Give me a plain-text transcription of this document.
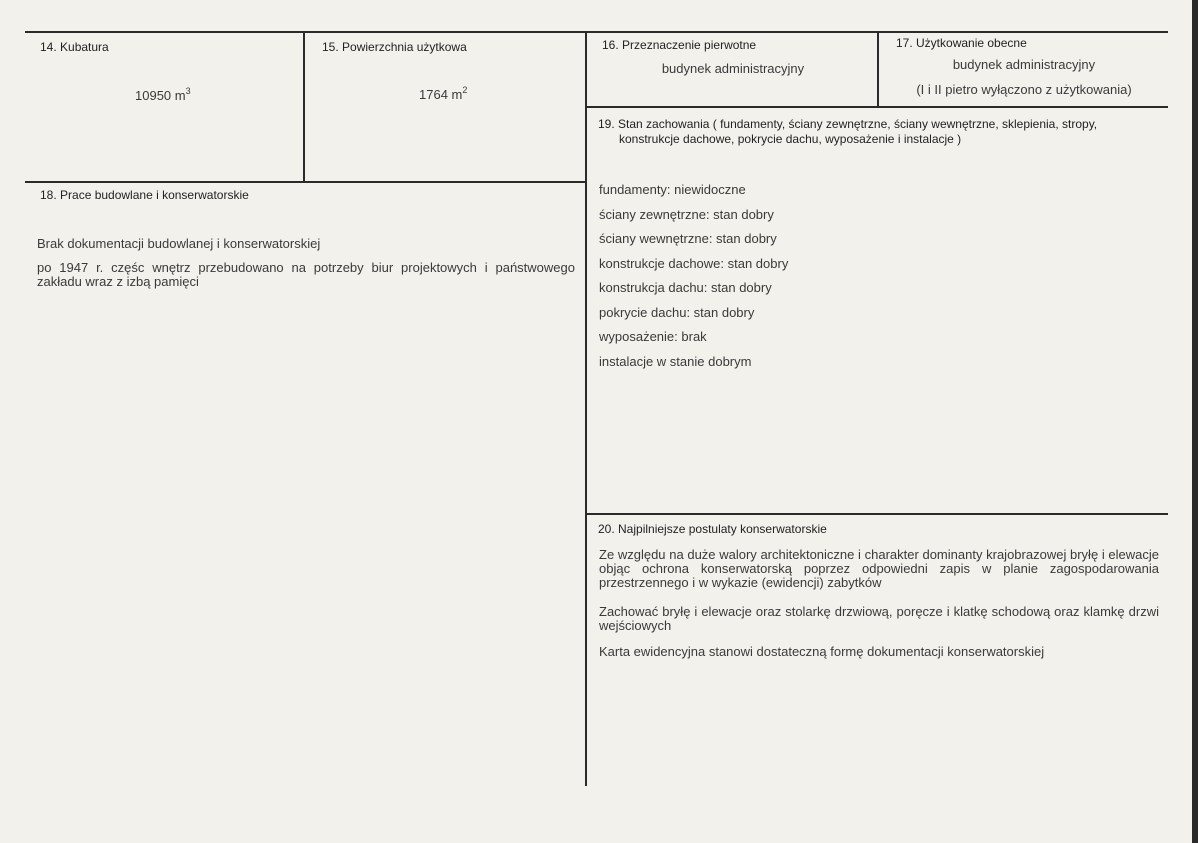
14. Kubatura
10950 $m^3$
15. Powierzchnia użytkowa
1764 $m^2$
16. Przeznaczenie pierwotne
budynek administracyjny
17. Użytkowanie obecne
budynek administracyjny
(I i II pietro wyłączono z użytkowania)
19. Stan zachowania ( fundamenty, ściany zewnętrzne, ściany wewnętrzne, sklepienia, stropy,
konstrukcje dachowe, pokrycie dachu, wyposażenie i instalacje )
fundamenty: niewidoczne
ściany zewnętrzne: stan dobry
ściany wewnętrzne: stan dobry
konstrukcje dachowe: stan dobry
konstrukcja dachu: stan dobry
pokrycie dachu: stan dobry
wyposażenie: brak
instalacje w stanie dobrym
18. Prace budowlane i konserwatorskie
Brak dokumentacji budowlanej i konserwatorskiej
po 1947 r. częśc wnętrz przebudowano na potrzeby biur projektowych i państwowego zakładu wraz z izbą pamięci
20. Najpilniejsze postulaty konserwatorskie
Ze względu na duże walory architektoniczne i charakter dominanty krajobrazowej bryłę i elewacje objąc ochrona konserwatorską poprzez odpowiedni zapis w planie zagospodarowania przestrzennego i w wykazie (ewidencji) zabytków
Zachować bryłę i elewacje oraz stolarkę drzwiową, poręcze i klatkę schodową oraz klamkę drzwi wejściowych
Karta ewidencyjna stanowi dostateczną formę dokumentacji konserwatorskiej
